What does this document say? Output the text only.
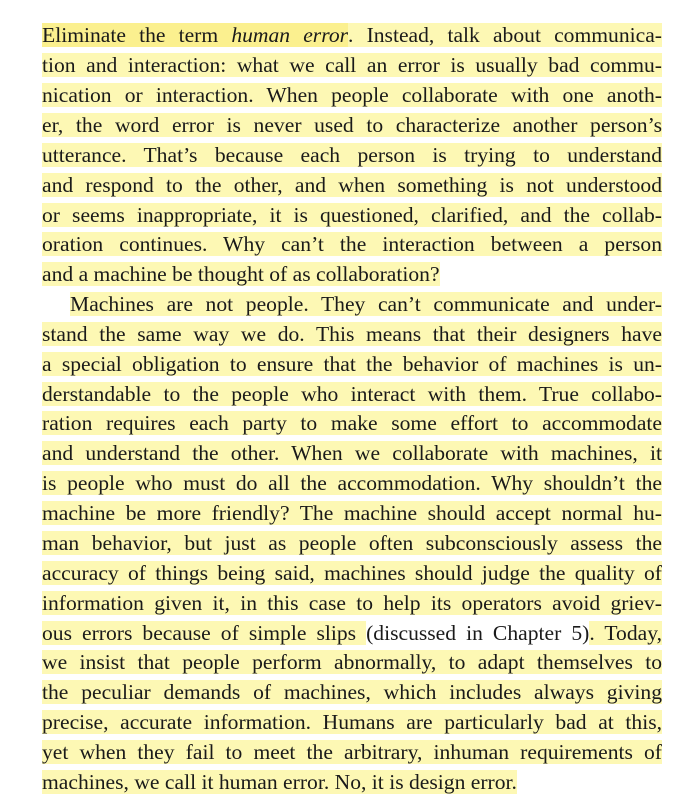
Eliminate the term human error. Instead, talk about communica-
tion and interaction: what we call an error is usually bad commu-
nication or interaction. When people collaborate with one anoth-
er, the word error is never used to characterize another person’s
utterance. That’s because each person is trying to understand
and respond to the other, and when something is not understood
or seems inappropriate, it is questioned, clarified, and the collab-
oration continues. Why can’t the interaction between a person
and a machine be thought of as collaboration?
Machines are not people. They can’t communicate and under-
stand the same way we do. This means that their designers have
a special obligation to ensure that the behavior of machines is un-
derstandable to the people who interact with them. True collabo-
ration requires each party to make some effort to accommodate
and understand the other. When we collaborate with machines, it
is people who must do all the accommodation. Why shouldn’t the
machine be more friendly? The machine should accept normal hu-
man behavior, but just as people often subconsciously assess the
accuracy of things being said, machines should judge the quality of
information given it, in this case to help its operators avoid griev-
ous errors because of simple slips (discussed in Chapter 5). Today,
we insist that people perform abnormally, to adapt themselves to
the peculiar demands of machines, which includes always giving
precise, accurate information. Humans are particularly bad at this,
yet when they fail to meet the arbitrary, inhuman requirements of
machines, we call it human error. No, it is design error.
